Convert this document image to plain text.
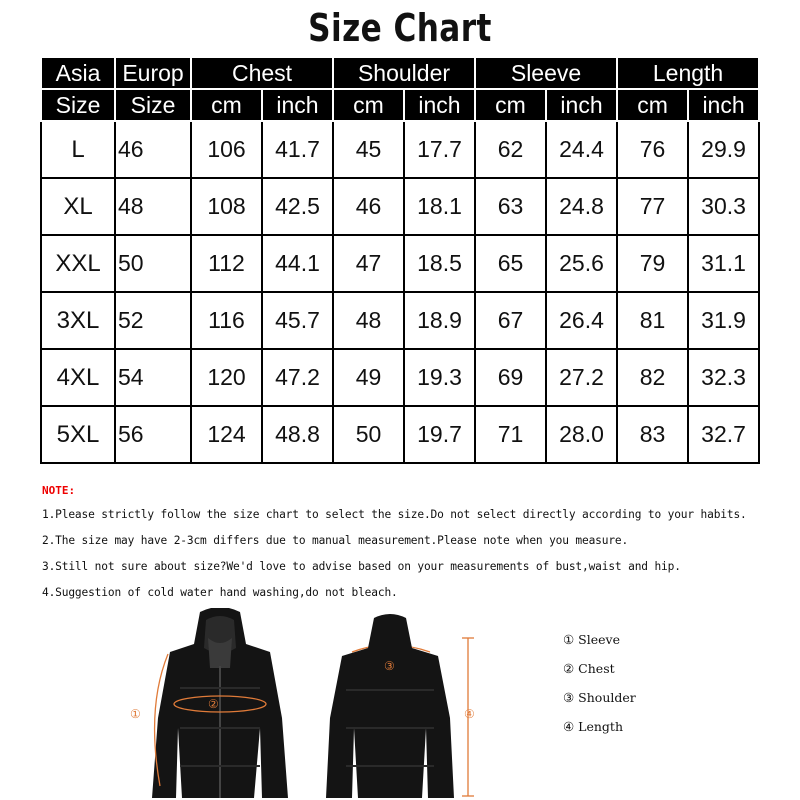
Size Chart
Asia	Europ	Chest		Shoulder		Sleeve		Length	
Size	Size	cm	inch	cm	inch	cm	inch	cm	inch
L	46	106	41.7	45	17.7	62	24.4	76	29.9
XL	48	108	42.5	46	18.1	63	24.8	77	30.3
XXL	50	112	44.1	47	18.5	65	25.6	79	31.1
3XL	52	116	45.7	48	18.9	67	26.4	81	31.9
4XL	54	120	47.2	49	19.3	69	27.2	82	32.3
5XL	56	124	48.8	50	19.7	71	28.0	83	32.7
NOTE:
1.Please strictly follow the size chart to select the size.Do not select directly according to your habits.
2.The size may have 2-3cm differs due to manual measurement.Please note when you measure.
3.Still not sure about size?We'd love to advise based on your measurements of bust,waist and hip.
4.Suggestion of cold water hand washing,do not bleach.
①
②
③
④
① Sleeve
② Chest
③ Shoulder
④ Length
